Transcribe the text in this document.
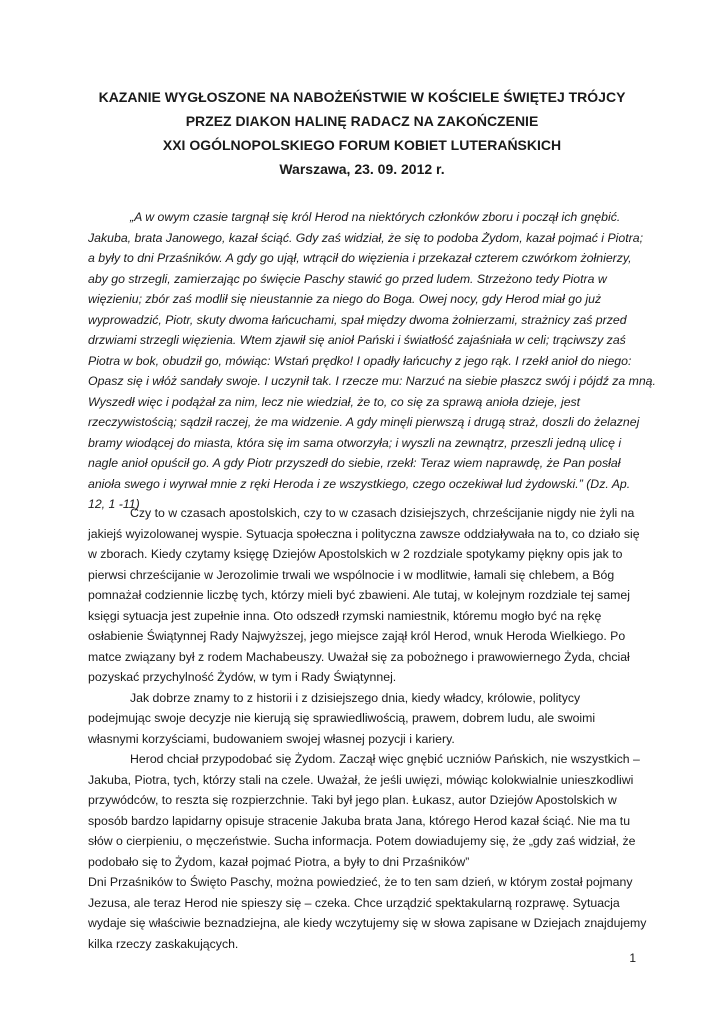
KAZANIE WYGŁOSZONE NA NABOŻEŃSTWIE W KOŚCIELE ŚWIĘTEJ TRÓJCY
PRZEZ DIAKON HALINĘ RADACZ NA ZAKOŃCZENIE
XXI OGÓLNOPOLSKIEGO FORUM KOBIET LUTERAŃSKICH

Warszawa, 23. 09. 2012 r.

„A w owym czasie targnął się król Herod na niektórych członków zboru i począł ich gnębić.
Jakuba, brata Janowego, kazał ściąć. Gdy zaś widział, że się to podoba Żydom, kazał pojmać i Piotra;
a były to dni Przaśników. A gdy go ujął, wtrącił do więzienia i przekazał czterem czwórkom żołnierzy,
aby go strzegli, zamierzając po święcie Paschy stawić go przed ludem. Strzeżono tedy Piotra w
więzieniu; zbór zaś modlił się nieustannie za niego do Boga. Owej nocy, gdy Herod miał go już
wyprowadzić, Piotr, skuty dwoma łańcuchami, spał między dwoma żołnierzami, strażnicy zaś przed
drzwiami strzegli więzienia. Wtem zjawił się anioł Pański i światłość zajaśniała w celi; trąciwszy zaś
Piotra w bok, obudził go, mówiąc: Wstań prędko! I opadły łańcuchy z jego rąk. I rzekł anioł do niego:
Opasz się i włóż sandały swoje. I uczynił tak. I rzecze mu: Narzuć na siebie płaszcz swój i pójdź za mną.
Wyszedł więc i podążał za nim, lecz nie wiedział, że to, co się za sprawą anioła dzieje, jest
rzeczywistością; sądził raczej, że ma widzenie. A gdy minęli pierwszą i drugą straż, doszli do żelaznej
bramy wiodącej do miasta, która się im sama otworzyła; i wyszli na zewnątrz, przeszli jedną ulicę i
nagle anioł opuścił go. A gdy Piotr przyszedł do siebie, rzekł: Teraz wiem naprawdę, że Pan posłał
anioła swego i wyrwał mnie z ręki Heroda i ze wszystkiego, czego oczekiwał lud żydowski.” (Dz. Ap.
12, 1 -11)
Czy to w czasach apostolskich, czy to w czasach dzisiejszych, chrześcijanie nigdy nie żyli na
jakiejś wyizolowanej wyspie. Sytuacja społeczna i polityczna zawsze oddziaływała na to, co działo się
w zborach. Kiedy czytamy księgę Dziejów Apostolskich w 2 rozdziale spotykamy piękny opis jak to
pierwsi chrześcijanie w Jerozolimie trwali we wspólnocie i w modlitwie, łamali się chlebem, a Bóg
pomnażał codziennie liczbę tych, którzy mieli być zbawieni. Ale tutaj, w kolejnym rozdziale tej samej
księgi sytuacja jest zupełnie inna. Oto odszedł rzymski namiestnik, któremu mogło być na rękę
osłabienie Świątynnej Rady Najwyższej, jego miejsce zajął król Herod, wnuk Heroda Wielkiego. Po
matce związany był z rodem Machabeuszy. Uważał się za pobożnego i prawowiernego Żyda, chciał
pozyskać przychylność Żydów, w tym i Rady Świątynnej.
Jak dobrze znamy to z historii i z dzisiejszego dnia, kiedy władcy, królowie, politycy
podejmując swoje decyzje nie kierują się sprawiedliwością, prawem, dobrem ludu, ale swoimi
własnymi korzyściami, budowaniem swojej własnej pozycji i kariery.
Herod chciał przypodobać się Żydom. Zaczął więc gnębić uczniów Pańskich, nie wszystkich –
Jakuba, Piotra, tych, którzy stali na czele. Uważał, że jeśli uwięzi, mówiąc kolokwialnie unieszkodliwi
przywódców, to reszta się rozpierzchnie. Taki był jego plan. Łukasz, autor Dziejów Apostolskich w
sposób bardzo lapidarny opisuje stracenie Jakuba brata Jana, którego Herod kazał ściąć. Nie ma tu
słów o cierpieniu, o męczeństwie. Sucha informacja. Potem dowiadujemy się, że „gdy zaś widział, że
podobało się to Żydom, kazał pojmać Piotra, a były to dni Przaśników”
Dni Przaśników to Święto Paschy, można powiedzieć, że to ten sam dzień, w którym został pojmany
Jezusa, ale teraz Herod nie spieszy się – czeka. Chce urządzić spektakularną rozprawę. Sytuacja
wydaje się właściwie beznadziejna, ale kiedy wczytujemy się w słowa zapisane w Dziejach znajdujemy
kilka rzeczy zaskakujących.
1
